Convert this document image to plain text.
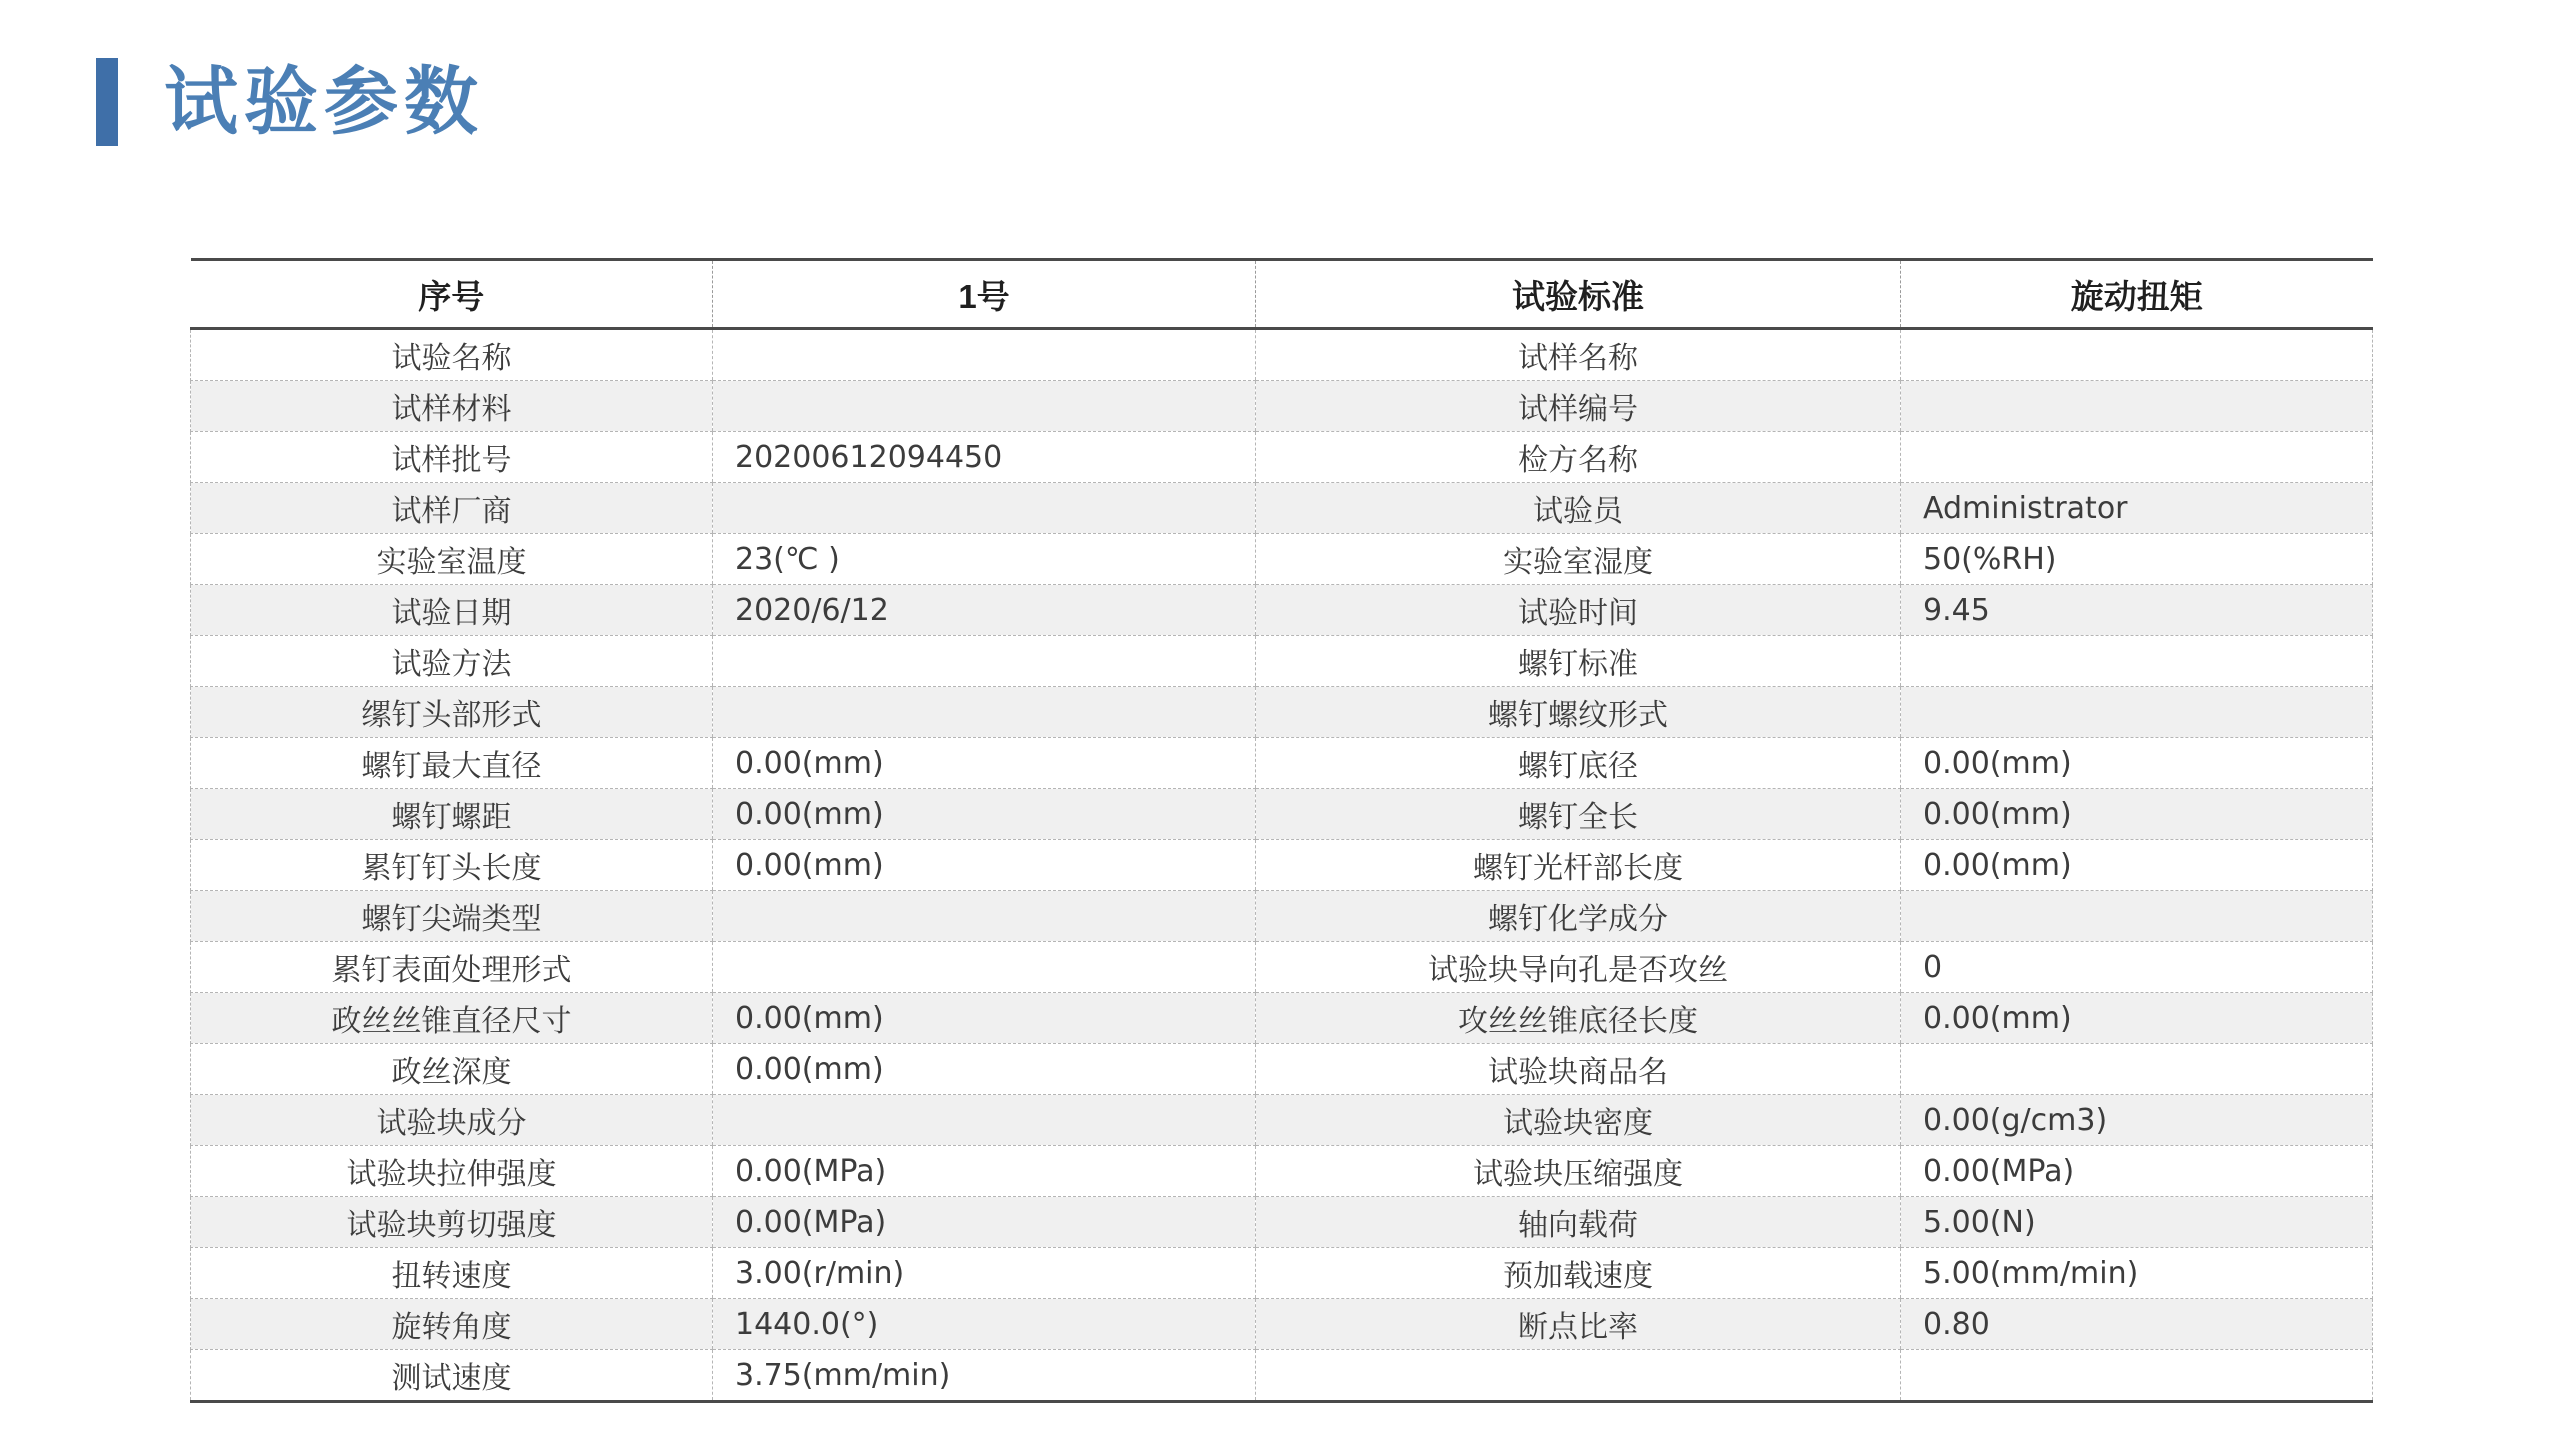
试验参数
序号	1号	试验标准	旋动扭矩
试验名称		试样名称	
试样材料		试样编号	
试样批号	20200612094450	检方名称	
试样厂商		试验员	Administrator
实验室温度	23(℃ )	实验室湿度	50(%RH)
试验日期	2020/6/12	试验时间	9.45
试验方法		螺钉标准	
缧钉头部形式		螺钉螺纹形式	
螺钉最大直径	0.00(mm)	螺钉底径	0.00(mm)
螺钉螺距	0.00(mm)	螺钉全长	0.00(mm)
累钉钉头长度	0.00(mm)	螺钉光杆部长度	0.00(mm)
螺钉尖端类型		螺钉化学成分	
累钉表面处理形式		试验块导向孔是否攻丝	0
政丝丝锥直径尺寸	0.00(mm)	攻丝丝锥底径长度	0.00(mm)
政丝深度	0.00(mm)	试验块商品名	
试验块成分		试验块密度	0.00(g/cm3)
试验块拉伸强度	0.00(MPa)	试验块压缩强度	0.00(MPa)
试验块剪切强度	0.00(MPa)	轴向载荷	5.00(N)
扭转速度	3.00(r/min)	预加载速度	5.00(mm/min)
旋转角度	1440.0(°)	断点比率	0.80
测试速度	3.75(mm/min)		
